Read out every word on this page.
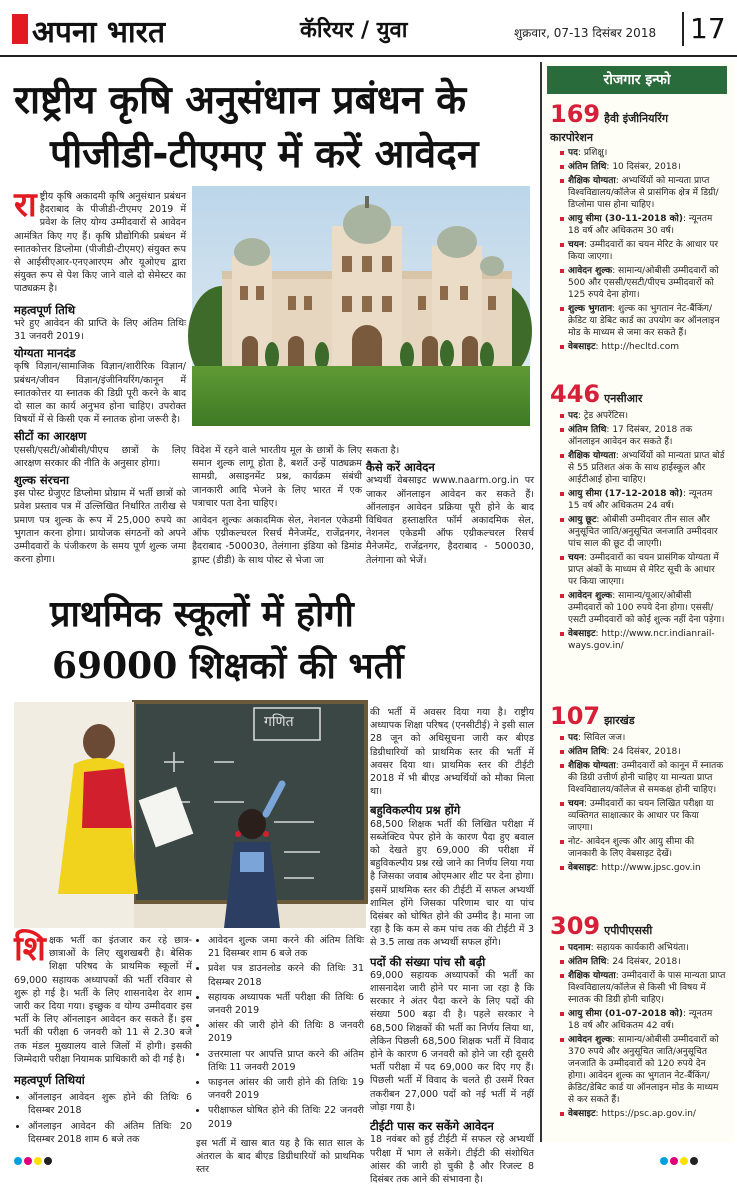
अपना भारत	कॅरियर / युवा	शुक्रवार, 07-13 दिसंबर 2018 17
राष्ट्रीय कृषि अनुसंधान प्रबंधन के
पीजीडी-टीएमए में करें आवेदन
रा ष्ट्रीय कृषि अकादमी कृषि अनुसंधान प्रबंधन हैदराबाद के पीजीडी-टीएमए 2019 में प्रवेश के लिए योग्य उम्मीदवारों से आवेदन आमंत्रित किए गए हैं। कृषि प्रौद्योगिकी प्रबंधन में स्नातकोत्तर डिप्लोमा (पीजीडी-टीएमए) संयुक्त रूप से आईसीएआर-एनएआरएम और यूओएच द्वारा संयुक्त रूप से पेश किए जाने वाले दो सेमेस्टर का पाठ्यक्रम है।
महत्वपूर्ण तिथि
भरे हुए आवेदन की प्राप्ति के लिए अंतिम तिथिः 31 जनवरी 2019।
योग्यता मानदंड
कृषि विज्ञान/सामाजिक विज्ञान/शारीरिक विज्ञान/प्रबंधन/जीवन विज्ञान/इंजीनियरिंग/कानून में स्नातकोत्तर या स्नातक की डिग्री पूरी करने के बाद दो साल का कार्य अनुभव होना चाहिए। उपरोक्त विषयों में से किसी एक में स्नातक होना जरूरी है।
सीटों का आरक्षण
एससी/एसटी/ओबीसी/पीएच छात्रों के लिए आरक्षण सरकार की नीति के अनुसार होगा।
शुल्क संरचना
इस पोस्ट ग्रेजुएट डिप्लोमा प्रोग्राम में भर्ती छात्रों को प्रवेश प्रस्ताव पत्र में उल्लिखित निर्धारित तारीख से प्रमाण पत्र शुल्क के रूप में 25,000 रुपये का भुगतान करना होगा। प्रायोजक संगठनों को अपने उम्मीदवारों के पंजीकरण के समय पूर्ण शुल्क जमा करना होगा।
विदेश में रहने वाले भारतीय मूल के छात्रों के लिए समान शुल्क लागू होता है, बशर्ते उन्हें पाठ्यक्रम सामग्री, असाइनमेंट प्रश्न, कार्यक्रम संबंधी जानकारी आदि भेजने के लिए भारत में एक पत्राचार पता देना चाहिए।
आवेदन शुल्कः अकादमिक सेल, नेशनल एकेडमी ऑफ एग्रीकल्चरल रिसर्च मैनेजमेंट, राजेंद्रनगर, हैदराबाद -500030, तेलंगाना इंडिया को डिमांड ड्राफ्ट (डीडी) के साथ पोस्ट से भेजा जा
सकता है।
कैसे करें आवेदन
अभ्यर्थी वेबसाइट www.naarm.org.in पर जाकर ऑनलाइन आवेदन कर सकते हैं। ऑनलाइन आवेदन प्रक्रिया पूरी होने के बाद विधिवत हस्ताक्षरित फॉर्म अकादमिक सेल, नेशनल एकेडमी ऑफ एग्रीकल्चरल रिसर्च मैनेजमेंट, राजेंद्रनगर, हैदराबाद - 500030, तेलंगाना को भेजें।
प्राथमिक स्कूलों में होगी
69000 शिक्षकों की भर्ती
गणित
शि क्षक भर्ती का इंतजार कर रहे छात्र-छात्राओं के लिए खुशखबरी है। बेसिक शिक्षा परिषद के प्राथमिक स्कूलों में 69,000 सहायक अध्यापकों की भर्ती रविवार से शुरू हो गई है। भर्ती के लिए शासनादेश देर शाम जारी कर दिया गया। इच्छुक व योग्य उम्मीदवार इस भर्ती के लिए ऑनलाइन आवेदन कर सकते हैं। इस भर्ती की परीक्षा 6 जनवरी को 11 से 2.30 बजे तक मंडल मुख्यालय वाले जिलों में होगी। इसकी जिम्मेदारी परीक्षा नियामक प्राधिकारी को दी गई है।
महत्वपूर्ण तिथियां
• ऑनलाइन आवेदन शुरू होने की तिथिः 6 दिसम्बर 2018
• ऑनलाइन आवेदन की अंतिम तिथिः 20 दिसम्बर 2018 शाम 6 बजे तक
• आवेदन शुल्क जमा करने की अंतिम तिथिः 21 दिसम्बर शाम 6 बजे तक
• प्रवेश पत्र डाउनलोड करने की तिथिः 31 दिसम्बर 2018
• सहायक अध्यापक भर्ती परीक्षा की तिथिः 6 जनवरी 2019
• आंसर की जारी होने की तिथिः 8 जनवरी 2019
• उत्तरमाला पर आपत्ति प्राप्त करने की अंतिम तिथिः 11 जनवरी 2019
• फाइनल आंसर की जारी होने की तिथिः 19 जनवरी 2019
• परीक्षाफल घोषित होने की तिथिः 22 जनवरी 2019
इस भर्ती में खास बात यह है कि सात साल के अंतराल के बाद बीएड डिग्रीधारियों को प्राथमिक स्तर
की भर्ती में अवसर दिया गया है। राष्ट्रीय अध्यापक शिक्षा परिषद (एनसीटीई) ने इसी साल 28 जून को अधिसूचना जारी कर बीएड डिग्रीधारियों को प्राथमिक स्तर की भर्ती में अवसर दिया था। प्राथमिक स्तर की टीईटी 2018 में भी बीएड अभ्यर्थियों को मौका मिला था।
बहुविकल्पीय प्रश्न होंगे
68,500 शिक्षक भर्ती की लिखित परीक्षा में सब्जेक्टिव पेपर होने के कारण पैदा हुए बवाल को देखते हुए 69,000 की परीक्षा में बहुविकल्पीय प्रश्न रखे जाने का निर्णय लिया गया है जिसका जवाब ओएमआर शीट पर देना होगा। इसमें प्राथमिक स्तर की टीईटी में सफल अभ्यर्थी शामिल होंगे जिसका परिणाम चार या पांच दिसंबर को घोषित होने की उम्मीद है। माना जा रहा है कि कम से कम पांच तक की टीईटी में 3 से 3.5 लाख तक अभ्यर्थी सफल होंगे।
पदों की संख्या पांच सौ बढ़ी
69,000 सहायक अध्यापकों की भर्ती का शासनादेश जारी होने पर माना जा रहा है कि सरकार ने अंतर पैदा करने के लिए पदों की संख्या 500 बढ़ा दी है। पहले सरकार ने 68,500 शिक्षकों की भर्ती का निर्णय लिया था, लेकिन पिछली 68,500 शिक्षक भर्ती में विवाद होने के कारण 6 जनवरी को होने जा रही दूसरी भर्ती परीक्षा में पद 69,000 कर दिए गए हैं। पिछली भर्ती में विवाद के चलते ही उसमें रिक्त तकरीबन 27,000 पदों को नई भर्ती में नहीं जोड़ा गया है।
टीईटी पास कर सकेंगे आवेदन
18 नवंबर को हुई टीईटी में सफल रहे अभ्यर्थी परीक्षा में भाग ले सकेंगे। टीईटी की संशोधित आंसर की जारी हो चुकी है और रिजल्ट 8 दिसंबर तक आने की संभावना है।
रोजगार इन्फो
169 हैवी इंजीनियरिंग
कारपोरेशन
पद: प्रशिक्षु।
अंतिम तिथि: 10 दिसंबर, 2018।
शैक्षिक योग्यता: अभ्यर्थियों को मान्यता प्राप्त विश्वविद्यालय/कॉलेज से प्रासंगिक क्षेत्र में डिग्री/डिप्लोमा पास होना चाहिए।
आयु सीमा (30-11-2018 को): न्यूनतम 18 वर्ष और अधिकतम 30 वर्ष।
चयन: उम्मीदवारों का चयन मेरिट के आधार पर किया जाएगा।
आवेदन शुल्क: सामान्य/ओबीसी उम्मीदवारों को 500 और एससी/एसटी/पीएच उम्मीदवारों को 125 रुपये देना होगा।
शुल्क भुगतान: शुल्क का भुगतान नेट-बैंकिंग/क्रेडिट या डेबिट कार्ड का उपयोग कर ऑनलाइन मोड के माध्यम से जमा कर सकते हैं।
वेबसाइट: http://hecltd.com
446 एनसीआर
पद: ट्रेड अपरेंटिस।
अंतिम तिथि: 17 दिसंबर, 2018 तक ऑनलाइन आवेदन कर सकते हैं।
शैक्षिक योग्यता: अभ्यर्थियों को मान्यता प्राप्त बोर्ड से 55 प्रतिशत अंक के साथ हाईस्कूल और आईटीआई होना चाहिए।
आयु सीमा (17-12-2018 को): न्यूनतम 15 वर्ष और अधिकतम 24 वर्ष।
आयु छूट: ओबीसी उम्मीदवार तीन साल और अनुसूचित जाति/अनुसूचित जनजाति उम्मीदवार पांच साल की छूट दी जाएगी।
चयन: उम्मीदवारों का चयन प्रासंगिक योग्यता में प्राप्त अंकों के माध्यम से मेरिट सूची के आधार पर किया जाएगा।
आवेदन शुल्क: सामान्य/यूआर/ओबीसी उम्मीदवारों को 100 रुपये देना होगा। एससी/एसटी उम्मीदवारों को कोई शुल्क नहीं देना पड़ेगा।
वेबसाइट: http://www.ncr.indianrail-ways.gov.in/
107 झारखंड
पद: सिविल जज।
अंतिम तिथि: 24 दिसंबर, 2018।
शैक्षिक योग्यता: उम्मीदवारों को कानून में स्नातक की डिग्री उत्तीर्ण होनी चाहिए या मान्यता प्राप्त विश्वविद्यालय/कॉलेज से समकक्ष होनी चाहिए।
चयन: उम्मीदवारों का चयन लिखित परीक्षा या व्यक्तिगत साक्षात्कार के आधार पर किया जाएगा।
नोट- आवेदन शुल्क और आयु सीमा की जानकारी के लिए वेबसाइट देखें।
वेबसाइट: http://www.jpsc.gov.in
309 एपीपीएससी
पदनाम: सहायक कार्यकारी अभियंता।
अंतिम तिथि: 24 दिसंबर, 2018।
शैक्षिक योग्यता: उम्मीदवारों के पास मान्यता प्राप्त विश्वविद्यालय/कॉलेज से किसी भी विषय में स्नातक की डिग्री होनी चाहिए।
आयु सीमा (01-07-2018 को): न्यूनतम 18 वर्ष और अधिकतम 42 वर्ष।
आवेदन शुल्क: सामान्य/ओबीसी उम्मीदवारों को 370 रुपये और अनुसूचित जाति/अनुसूचित जनजाति के उम्मीदवारों को 120 रुपये देन होगा। आवेदन शुल्क का भुगतान नेट-बैंकिंग/ क्रेडिट/डेबिट कार्ड या ऑनलाइन मोड के माध्यम से कर सकते हैं।
वेबसाइट: https://psc.ap.gov.in/
